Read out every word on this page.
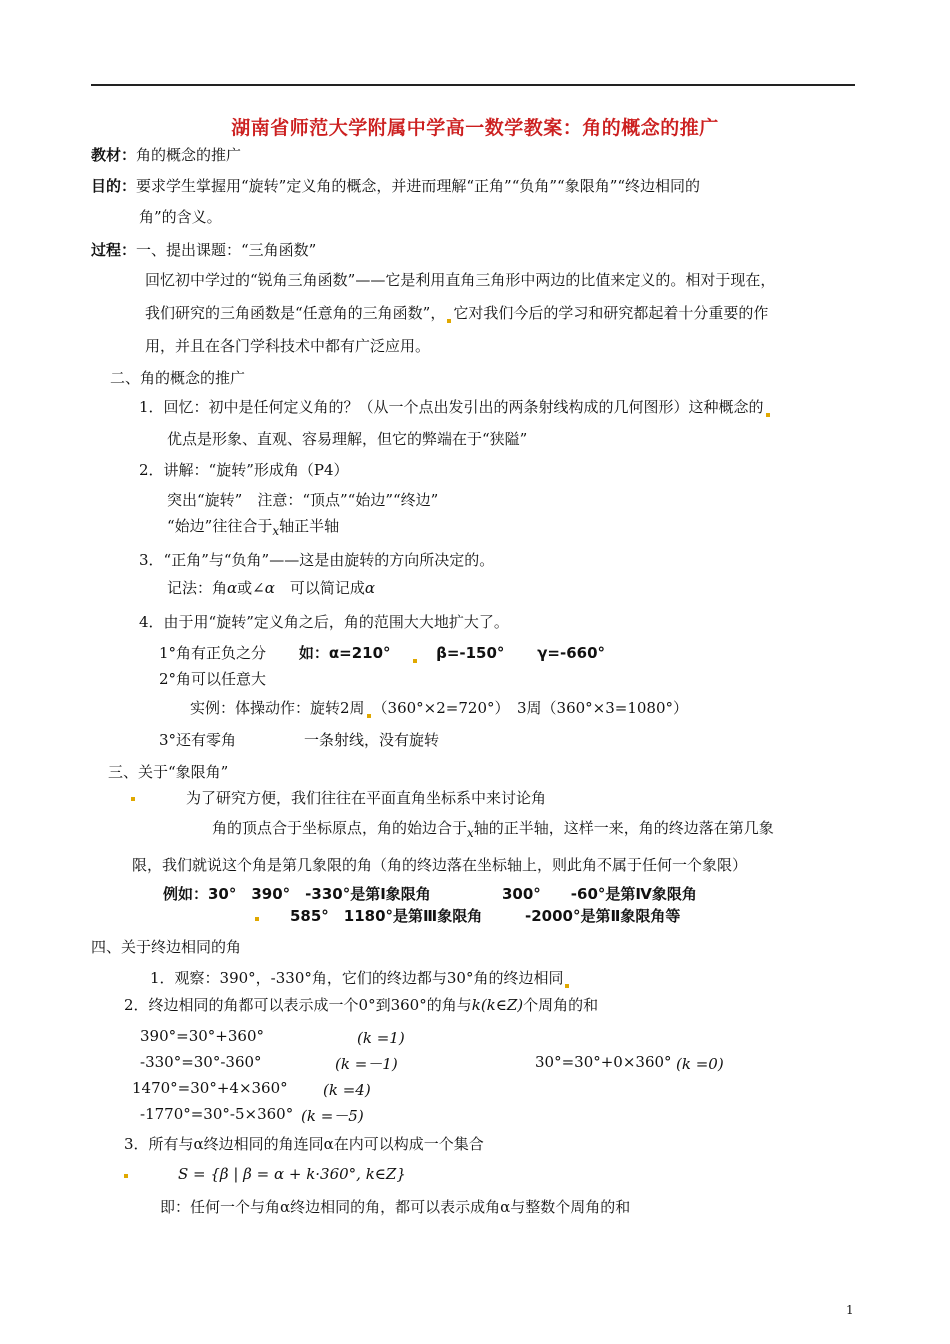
湖南省师范大学附属中学高一数学教案：角的概念的推广
教材：角的概念的推广
目的：要求学生掌握用“旋转”定义角的概念，并进而理解“正角”“负角”“象限角”“终边相同的
角”的含义。
过程：一、提出课题：“三角函数”
回忆初中学过的“锐角三角函数”——它是利用直角三角形中两边的比值来定义的。相对于现在，
我们研究的三角函数是“任意角的三角函数”， 它对我们今后的学习和研究都起着十分重要的作
用，并且在各门学科技术中都有广泛应用。
二、角的概念的推广
1．回忆：初中是任何定义角的？（从一个点出发引出的两条射线构成的几何图形）这种概念的
优点是形象、直观、容易理解，但它的弊端在于“狭隘”
2．讲解：“旋转”形成角（P4）
突出“旋转”　注意：“顶点”“始边”“终边”
“始边”往往合于$_x$轴正半轴
3．“正角”与“负角”——这是由旋转的方向所决定的。
记法：角α或∠α　可以简记成α
4．由于用“旋转”定义角之后，角的范围大大地扩大了。
1°角有正负之分 如：α=210°	β=-150° γ=-660°
2°角可以任意大
实例：体操动作：旋转2周 （360°×2=720°）　3周（360°×3=1080°）
3°还有零角	一条射线，没有旋转
三、关于“象限角”
为了研究方便，我们往往在平面直角坐标系中来讨论角
角的顶点合于坐标原点，角的始边合于$_x$轴的正半轴，这样一来，角的终边落在第几象
限，我们就说这个角是第几象限的角（角的终边落在坐标轴上，则此角不属于任何一个象限）
例如：30°　390°　-330°是第Ⅰ象限角	300°　　-60°是第Ⅳ象限角
585°　1180°是第Ⅲ象限角	-2000°是第Ⅱ象限角等
四、关于终边相同的角
1．观察：390°，-330°角，它们的终边都与30°角的终边相同
2．终边相同的角都可以表示成一个0°到360°的角与k(k∈Z)个周角的和
390°=30°+360°	(k =1)
-330°=30°-360°	(k =－1)	30°=30°+0×360° (k =0)
1470°=30°+4×360° (k =4)
-1770°=30°-5×360° (k =－5)
3．所有与α终边相同的角连同α在内可以构成一个集合
S = {β | β = α + k·360°, k∈Z}
即：任何一个与角α终边相同的角，都可以表示成角α与整数个周角的和
1
